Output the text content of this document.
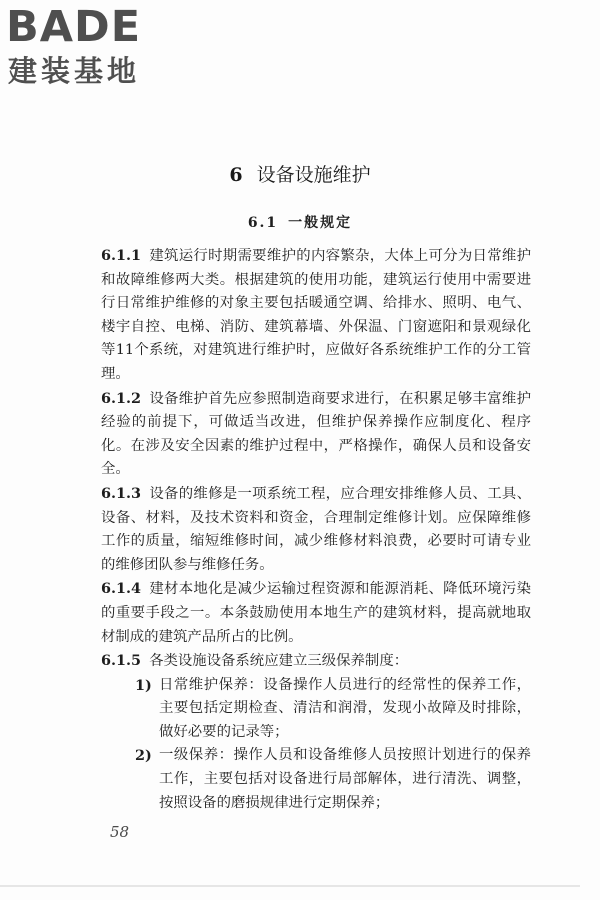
BADE
建装基地
6 设备设施维护
6.1 一般规定

6.1.1 建筑运行时期需要维护的内容繁杂，大体上可分为日常维护和故障维修两大类。根据建筑的使用功能，建筑运行使用中需要进行日常维护维修的对象主要包括暖通空调、给排水、照明、电气、楼宇自控、电梯、消防、建筑幕墙、外保温、门窗遮阳和景观绿化等11个系统，对建筑进行维护时，应做好各系统维护工作的分工管理。

6.1.2 设备维护首先应参照制造商要求进行，在积累足够丰富维护经验的前提下，可做适当改进，但维护保养操作应制度化、程序化。在涉及安全因素的维护过程中，严格操作，确保人员和设备安全。

6.1.3 设备的维修是一项系统工程，应合理安排维修人员、工具、设备、材料，及技术资料和资金，合理制定维修计划。应保障维修工作的质量，缩短维修时间，减少维修材料浪费，必要时可请专业的维修团队参与维修任务。

6.1.4 建材本地化是减少运输过程资源和能源消耗、降低环境污染的重要手段之一。本条鼓励使用本地生产的建筑材料，提高就地取材制成的建筑产品所占的比例。

6.1.5 各类设施设备系统应建立三级保养制度：

1) 日常维护保养：设备操作人员进行的经常性的保养工作，主要包括定期检查、清洁和润滑，发现小故障及时排除，做好必要的记录等；

2) 一级保养：操作人员和设备维修人员按照计划进行的保养工作，主要包括对设备进行局部解体，进行清洗、调整，按照设备的磨损规律进行定期保养；

58
